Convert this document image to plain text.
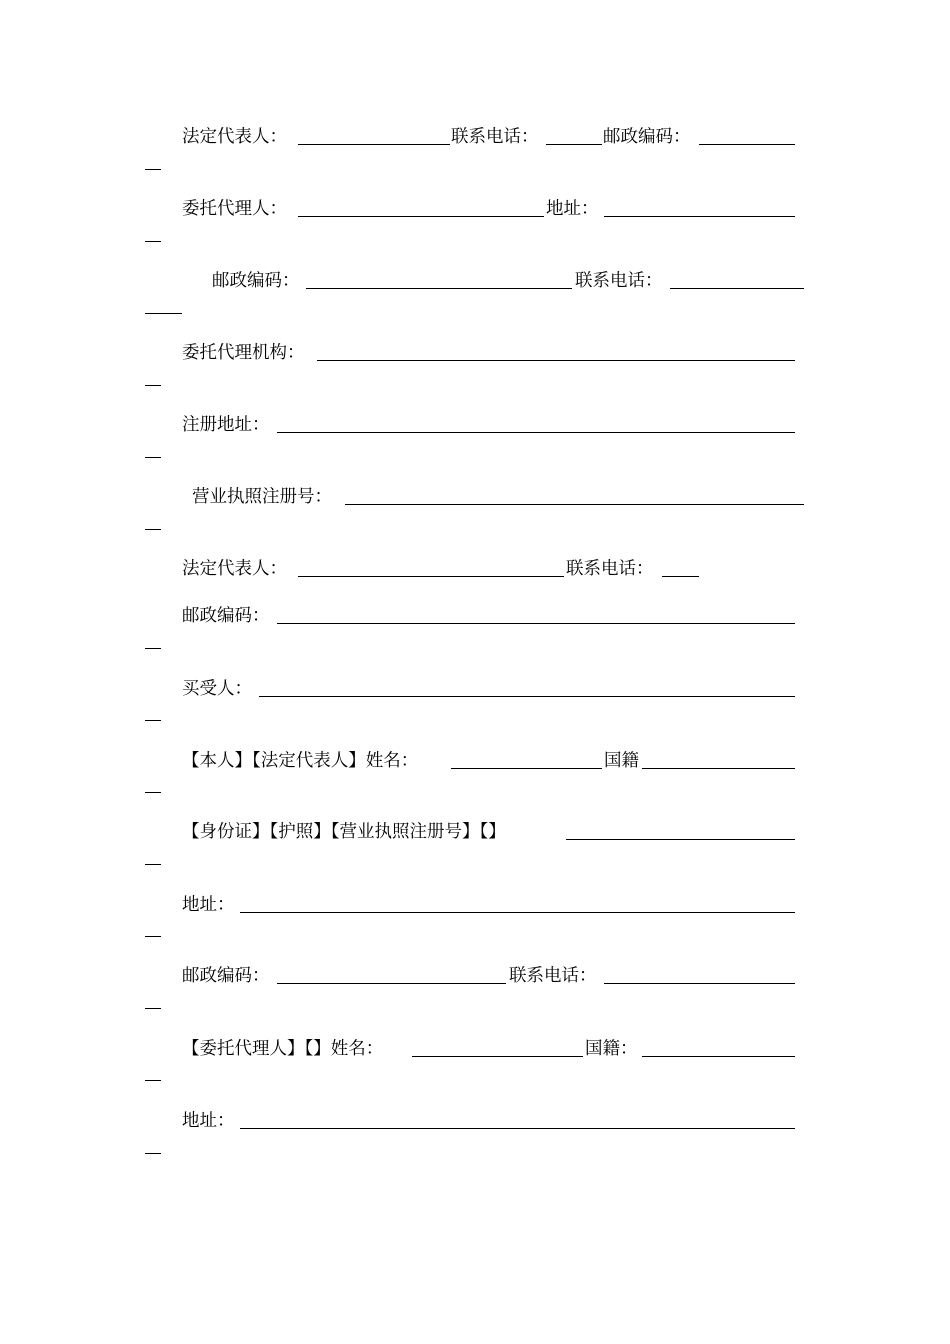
法定代表人：	联系电话：	邮政编码：
委托代理人：	地址：
邮政编码：	联系电话：
委托代理机构：
注册地址：
营业执照注册号：
法定代表人：	联系电话：
邮政编码：
买受人：
【本人】【法定代表人】姓名：	国籍
【身份证】【护照】【营业执照注册号】【】
地址：
邮政编码：	联系电话：
【委托代理人】【】姓名：	国籍：
地址：
